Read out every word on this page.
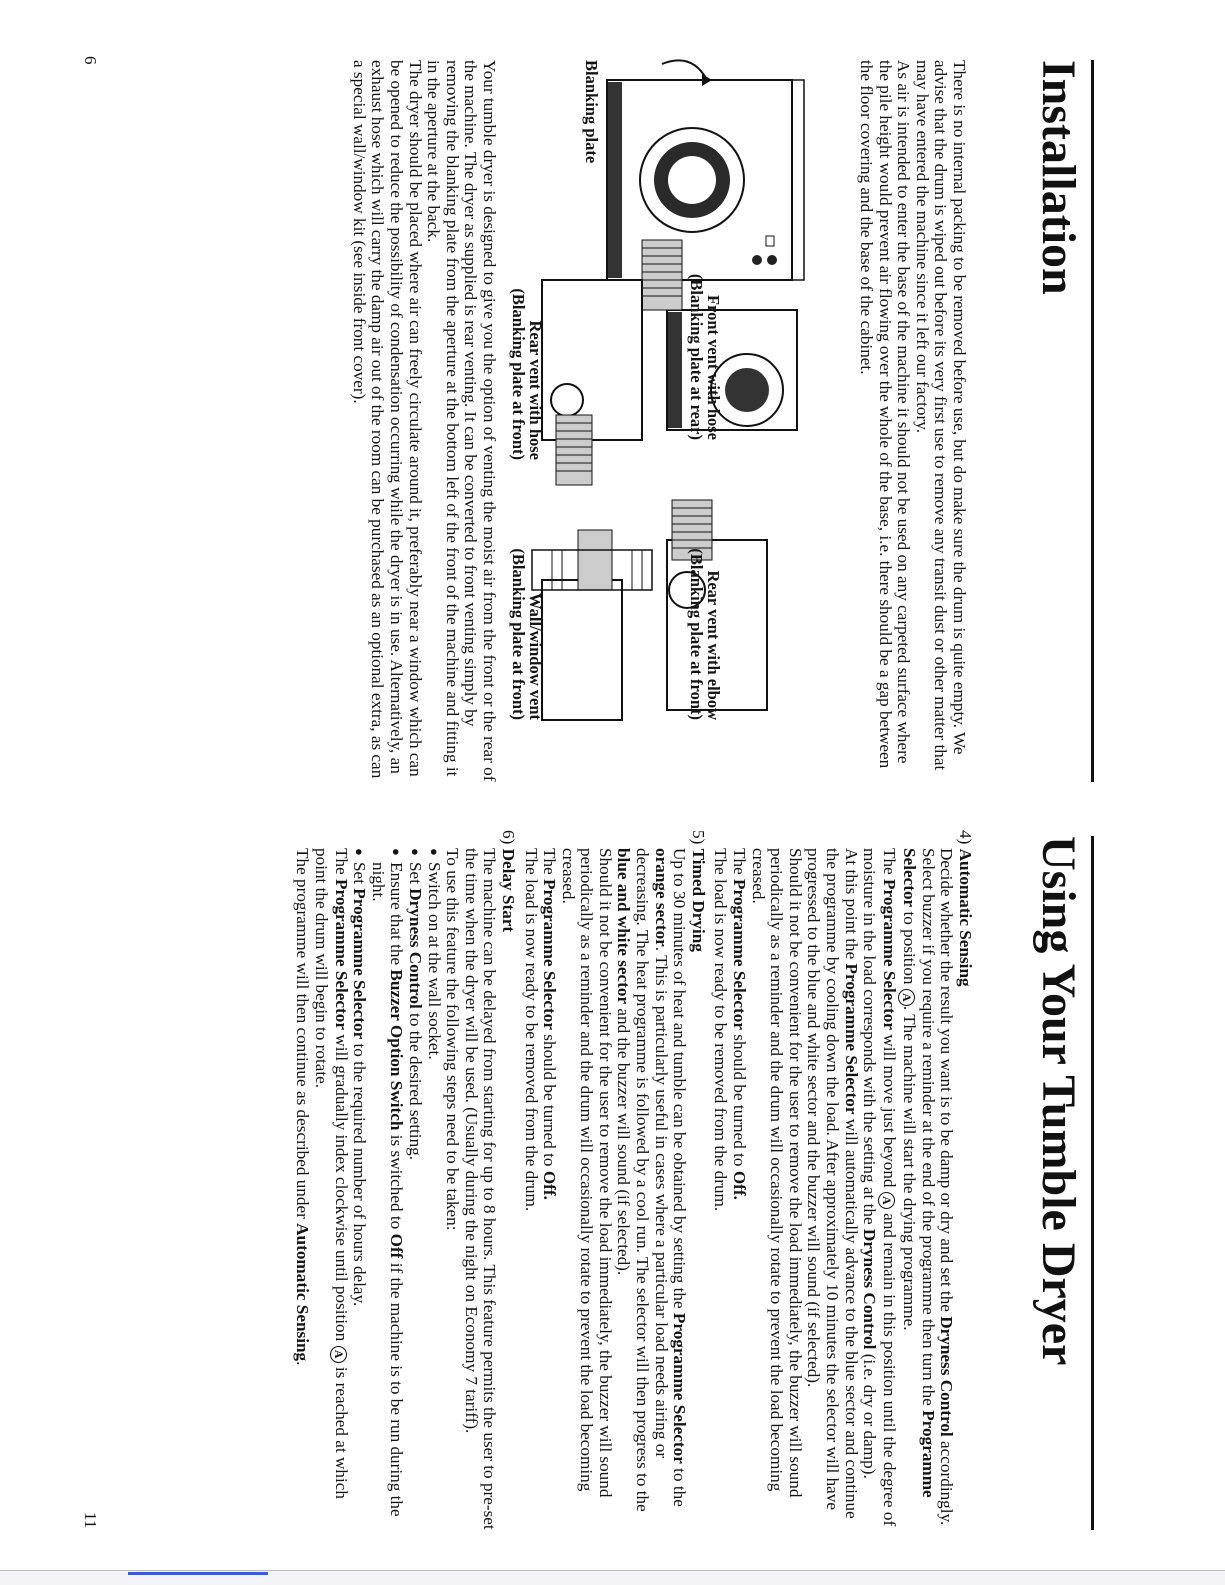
Installation

There is no internal packing to be removed before use, but do make sure the drum is quite empty. We advise that the drum is wiped out before its very first use to remove any transit dust or other matter that may have entered the machine since it left our factory.

As air is intended to enter the base of the machine it should not be used on any carpeted surface where the pile height would prevent air flowing over the whole of the base, i.e. there should be a gap between the floor covering and the base of the cabinet.

Blanking plate
Front vent with hose
(Blanking plate at rear)
Rear vent with elbow
(Blanking plate at front)
Rear vent with hose
(Blanking plate at front)
Wall/window vent
(Blanking plate at front)

Your tumble dryer is designed to give you the option of venting the moist air from the front or the rear of the machine. The dryer as supplied is rear venting. It can be converted to front venting simply by removing the blanking plate from the aperture at the bottom left of the front of the machine and fitting it in the aperture at the back.

The dryer should be placed where air can freely circulate around it, preferably near a window which can be opened to reduce the possibility of condensation occurring while the dryer is in use. Alternatively, an exhaust hose which will carry the damp air out of the room can be purchased as an optional extra, as can a special wall/window kit (see inside front cover).

6
Using Your Tumble Dryer

4) Automatic Sensing

Decide whether the result you want is to be damp or dry and set the Dryness Control accordingly.

Select buzzer if you require a reminder at the end of the programme then turn the Programme Selector to position A. The machine will start the drying programme.

The Programme Selector will move just beyond A and remain in this position until the degree of moisture in the load corresponds with the setting at the Dryness Control (i.e. dry or damp).

At this point the Programme Selector will automatically advance to the blue sector and continue the programme by cooling down the load. After approximately 10 minutes the selector will have progressed to the blue and white sector and the buzzer will sound (if selected).

Should it not be convenient for the user to remove the load immediately, the buzzer will sound periodically as a reminder and the drum will occasionally rotate to prevent the load becoming creased.

The Programme Selector should be turned to Off.

The load is now ready to be removed from the drum.

5) Timed Drying

Up to 30 minutes of heat and tumble can be obtained by setting the Programme Selector to the orange sector. This is particularly useful in cases where a particular load needs airing or decreasing. The heat programme is followed by a cool run. The selector will then progress to the blue and white sector and the buzzer will sound (if selected).

Should it not be convenient for the user to remove the load immediately, the buzzer will sound periodically as a reminder and the drum will occasionally rotate to prevent the load becoming creased.

The Programme Selector should be turned to Off.

The load is now ready to be removed from the drum.

6) Delay Start

The machine can be delayed from starting for up to 8 hours. This feature permits the user to pre-set the time when the dryer will be used. (Usually during the night on Economy 7 tariff).

To use this feature the following steps need to be taken:

● Switch on at the wall socket.

● Set Dryness Control to the desired setting.

● Ensure that the Buzzer Option Switch is switched to Off if the machine is to be run during the night.

● Set Programme Selector to the required number of hours delay.

The Programme Selector will gradually index clockwise until position A is reached at which point the drum will begin to rotate.

The programme will then continue as described under Automatic Sensing.

11
